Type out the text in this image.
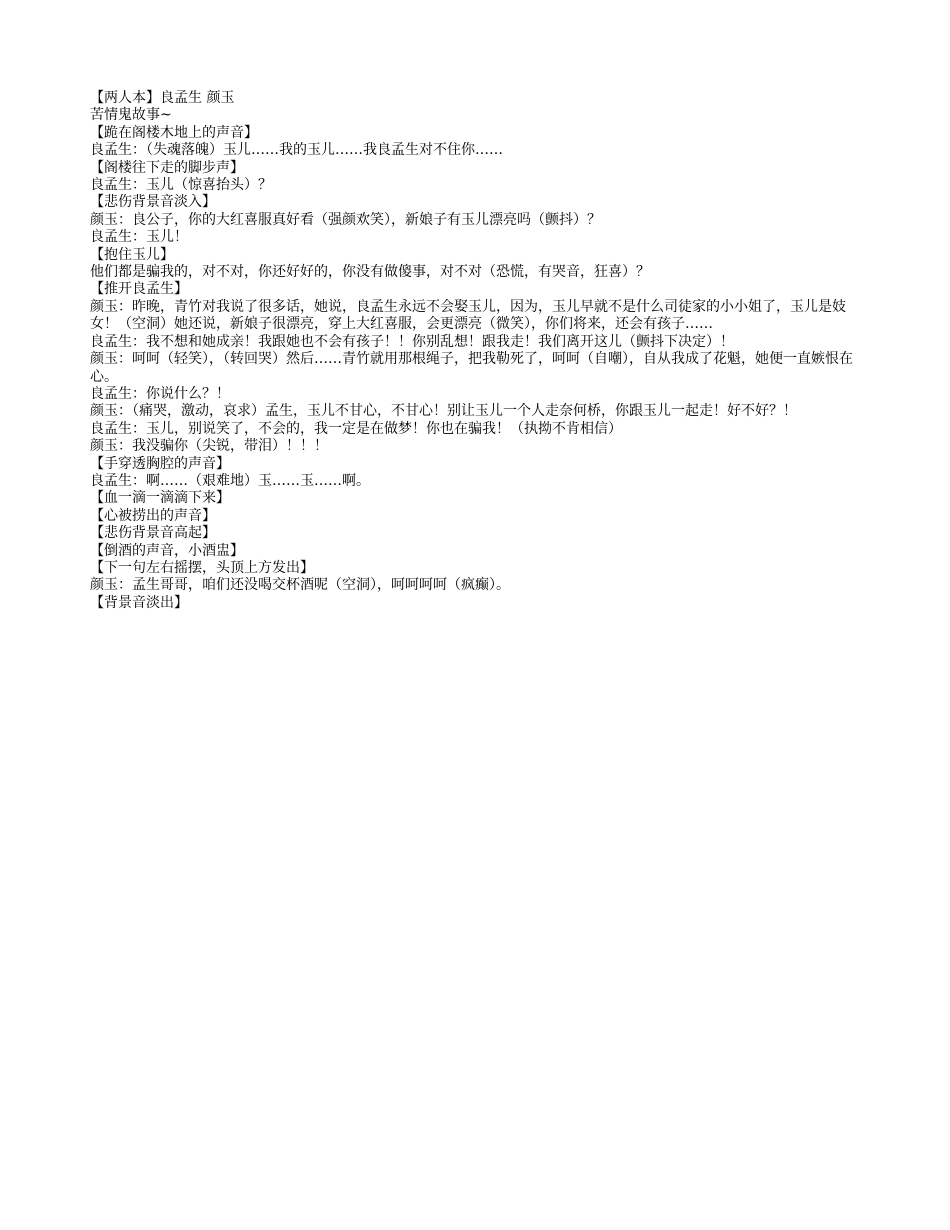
【两人本】良孟生 颜玉
苦情鬼故事~
【跪在阁楼木地上的声音】
良孟生：（失魂落魄）玉儿……我的玉儿……我良孟生对不住你……
【阁楼往下走的脚步声】
良孟生：玉儿（惊喜抬头）？
【悲伤背景音淡入】
颜玉：良公子，你的大红喜服真好看（强颜欢笑），新娘子有玉儿漂亮吗（颤抖）？
良孟生：玉儿！
【抱住玉儿】
他们都是骗我的，对不对，你还好好的，你没有做傻事，对不对（恐慌，有哭音，狂喜）？
【推开良孟生】
颜玉：昨晚，青竹对我说了很多话，她说，良孟生永远不会娶玉儿，因为，玉儿早就不是什么司徒家的小小姐了，玉儿是妓女！（空洞）她还说，新娘子很漂亮，穿上大红喜服，会更漂亮（微笑），你们将来，还会有孩子……
良孟生：我不想和她成亲！我跟她也不会有孩子！！你别乱想！跟我走！我们离开这儿（颤抖下决定）！
颜玉：呵呵（轻笑），（转回哭）然后……青竹就用那根绳子，把我勒死了，呵呵（自嘲），自从我成了花魁，她便一直嫉恨在心。
良孟生：你说什么？！
颜玉：（痛哭，激动，哀求）孟生，玉儿不甘心，不甘心！别让玉儿一个人走奈何桥，你跟玉儿一起走！好不好？！
良孟生：玉儿，别说笑了，不会的，我一定是在做梦！你也在骗我！（执拗不肯相信）
颜玉：我没骗你（尖锐，带泪）！！！
【手穿透胸腔的声音】
良孟生：啊……（艰难地）玉……玉……啊。
【血一滴一滴滴下来】
【心被捞出的声音】
【悲伤背景音高起】
【倒酒的声音，小酒盅】
【下一句左右摇摆，头顶上方发出】
颜玉：孟生哥哥，咱们还没喝交杯酒呢（空洞），呵呵呵呵（疯癫）。
【背景音淡出】
